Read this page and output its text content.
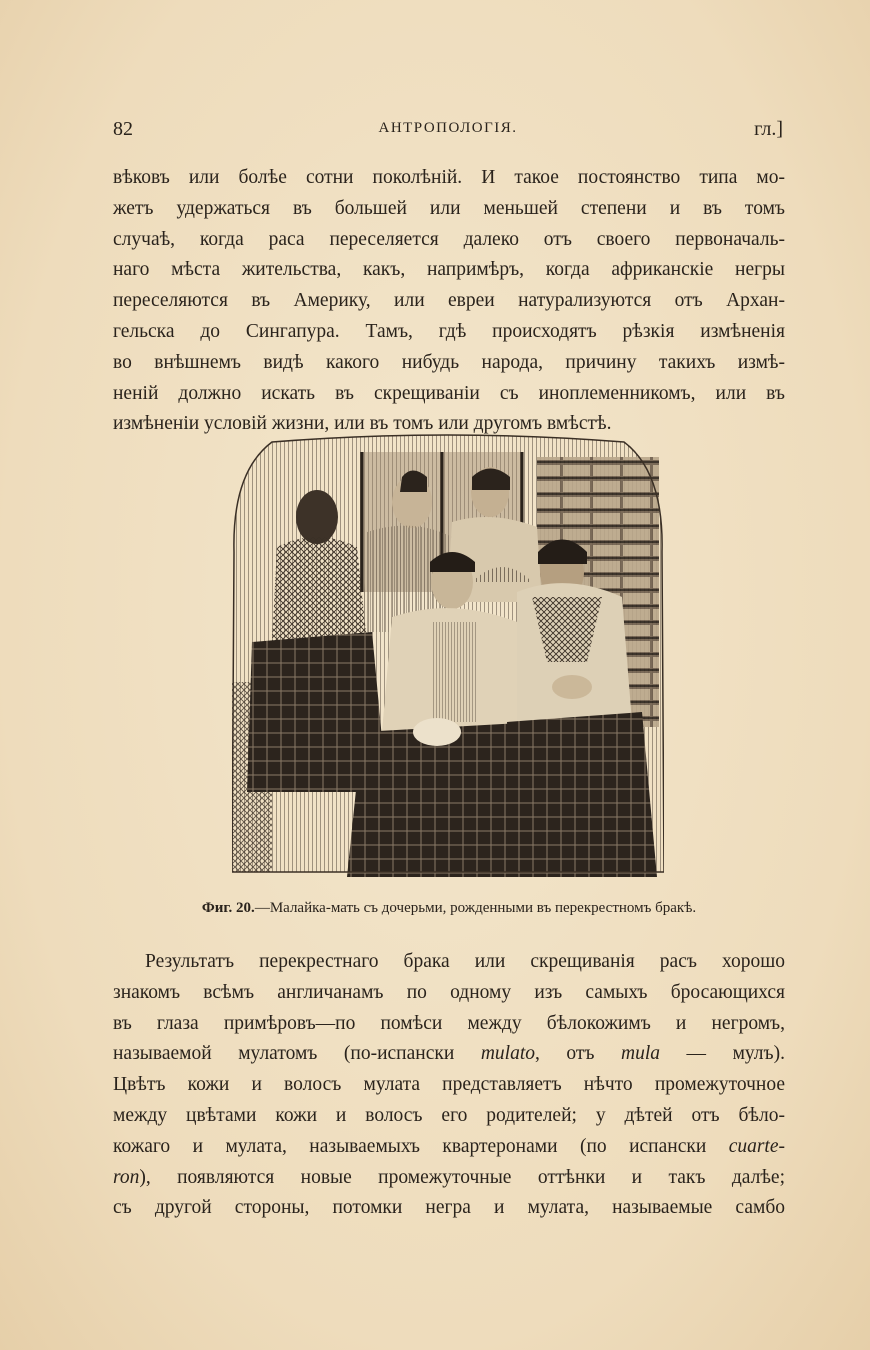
82	АНТРОПОЛОГІЯ.	гл.]
вѣковъ или болѣе сотни поколѣній. И такое постоянство типа мо-
жетъ удержаться въ большей или меньшей степени и въ томъ
случаѣ, когда раса переселяется далеко отъ своего первоначаль-
наго мѣста жительства, какъ, напримѣръ, когда африканскіе негры
переселяются въ Америку, или евреи натурализуются отъ Архан-
гельска до Сингапура. Тамъ, гдѣ происходятъ рѣзкія измѣненія
во внѣшнемъ видѣ какого нибудь народа, причину такихъ измѣ-
неній должно искать въ скрещиваніи съ иноплеменникомъ, или въ
измѣненіи условій жизни, или въ томъ или другомъ вмѣстѣ.
Фиг. 20.—Малайка-мать съ дочерьми, рожденными въ перекрестномъ бракѣ.
Результатъ перекрестнаго брака или скрещиванія расъ хорошо
знакомъ всѣмъ англичанамъ по одному изъ самыхъ бросающихся
въ глаза примѣровъ—по помѣси между бѣлокожимъ и негромъ,
называемой мулатомъ (по-испански mulato, отъ mula — мулъ).
Цвѣтъ кожи и волосъ мулата представляетъ нѣчто промежуточное
между цвѣтами кожи и волосъ его родителей; у дѣтей отъ бѣло-
кожаго и мулата, называемыхъ квартеронами (по испански cuarte-
ron), появляются новые промежуточные оттѣнки и такъ далѣе;
съ другой стороны, потомки негра и мулата, называемые самбо
